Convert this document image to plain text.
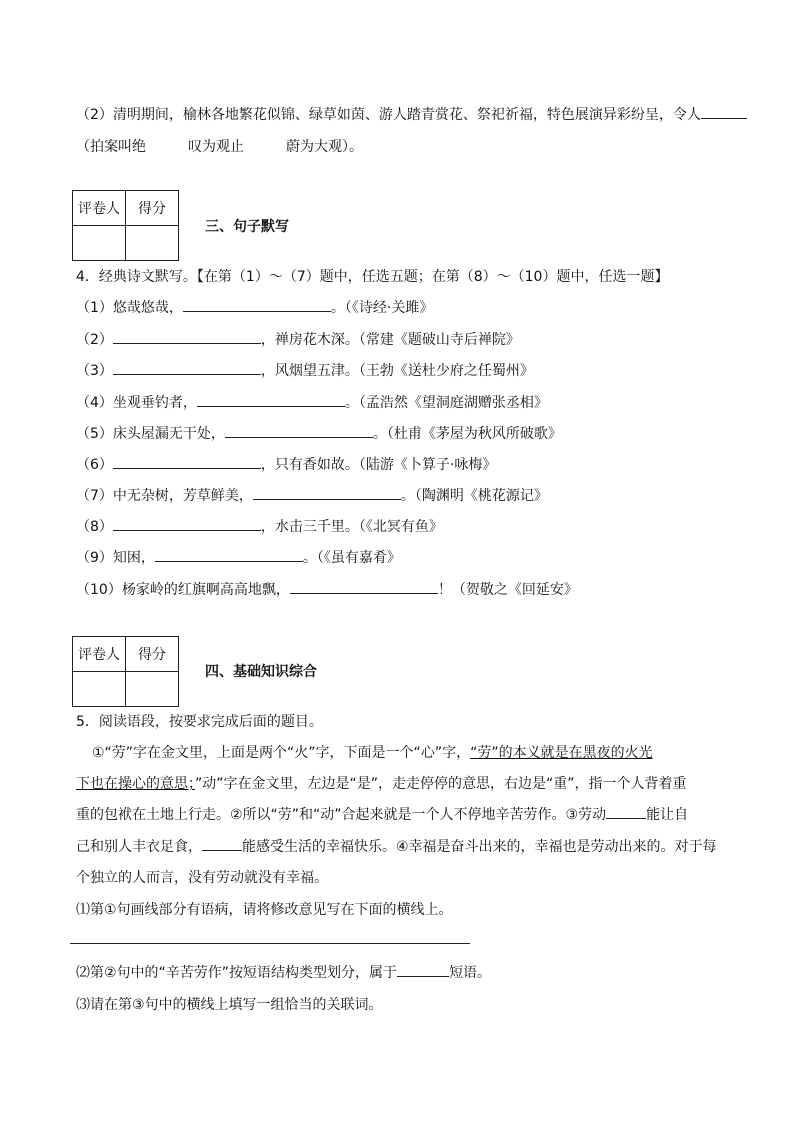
（2）清明期间，榆林各地繁花似锦、绿草如茵、游人踏青赏花、祭祀祈福，特色展演异彩纷呈，令人
（拍案叫绝　　　叹为观止　　　蔚为大观）。
评卷人	得分

三、句子默写
4．经典诗文默写。【在第（1）～（7）题中，任选五题；在第（8）～（10）题中，任选一题】
（1）悠哉悠哉，	。（《诗经·关雎》
（2）	，禅房花木深。（常建《题破山寺后禅院》
（3）	，风烟望五津。（王勃《送杜少府之任蜀州》
（4）坐观垂钓者，	。（孟浩然《望洞庭湖赠张丞相》
（5）床头屋漏无干处，	。（杜甫《茅屋为秋风所破歌》
（6）	，只有香如故。（陆游《卜算子·咏梅》
（7）中无杂树，芳草鲜美，	。（陶渊明《桃花源记》
（8）	，水击三千里。（《北冥有鱼》
（9）知困，	。（《虽有嘉肴》
（10）杨家岭的红旗啊高高地飘，	！（贺敬之《回延安》
评卷人	得分

四、基础知识综合
5．阅读语段，按要求完成后面的题目。
①“劳”字在金文里，上面是两个“火”字，下面是一个“心”字，“劳”的本义就是在黑夜的火光
下也在操心的意思；”动”字在金文里，左边是“是”，走走停停的意思，右边是“重”，指一个人背着重
重的包袱在土地上行走。②所以“劳”和“动”合起来就是一个人不停地辛苦劳作。③劳动	能让自
己和别人丰衣足食，	能感受生活的幸福快乐。④幸福是奋斗出来的，幸福也是劳动出来的。对于每
个独立的人而言，没有劳动就没有幸福。
⑴第①句画线部分有语病，请将修改意见写在下面的横线上。
⑵第②句中的“辛苦劳作”按短语结构类型划分，属于	短语。
⑶请在第③句中的横线上填写一组恰当的关联词。
